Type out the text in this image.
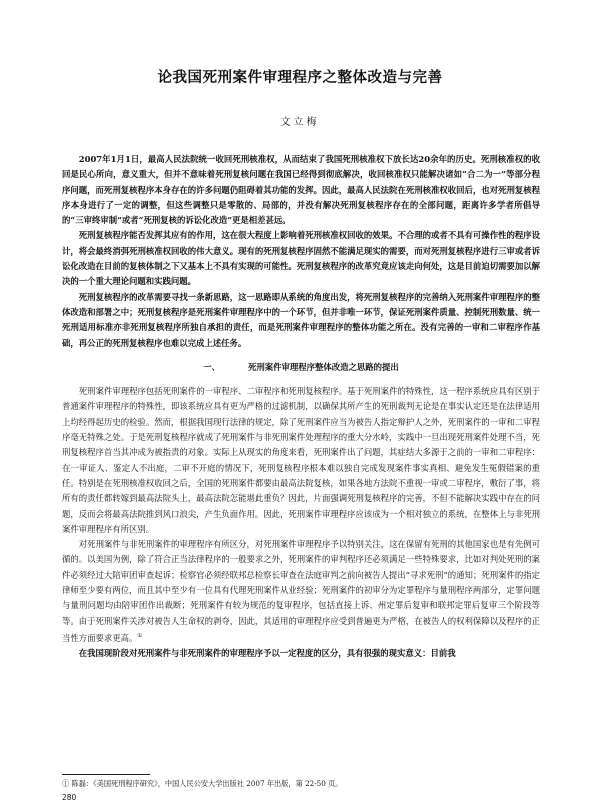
论我国死刑案件审理程序之整体改造与完善
文立梅

2007年1月1日，最高人民法院统一收回死刑核准权，从而结束了我国死刑核准权下放长达20余年的历史。死刑核准权的收回是民心所向，意义重大，但并不意味着死刑复核问题在我国已经得到彻底解决，收回核准权只能解决诸如“合二为一”等部分程序问题，而死刑复核程序本身存在的许多问题仍阻碍着其功能的发挥。因此，最高人民法院在死刑核准权收回后，也对死刑复核程序本身进行了一定的调整，但这些调整只是零散的、局部的，并没有解决死刑复核程序存在的全部问题，距离许多学者所倡导的“三审终审制”或者“死刑复核的诉讼化改造”更是相差甚远。

死刑复核程序能否发挥其应有的作用，这在很大程度上影响着死刑核准权回收的效果。不合理的或者不具有可操作性的程序设计，将会最终消弭死刑核准权回收的伟大意义。现有的死刑复核程序固然不能满足现实的需要，而对死刑复核程序进行三审或者诉讼化改造在目前的复核体制之下又基本上不具有实现的可能性。死刑复核程序的改革究竟应该走向何处，这是目前迫切需要加以解决的一个重大理论问题和实践问题。

死刑复核程序的改革需要寻找一条新思路，这一思路即从系统的角度出发，将死刑复核程序的完善纳入死刑案件审理程序的整体改造和部署之中；死刑复核程序是死刑案件审理程序中的一个环节，但并非唯一环节，保证死刑案件质量、控制死刑数量、统一死刑适用标准亦非死刑复核程序所独自承担的责任，而是死刑案件审理程序的整体功能之所在。没有完善的一审和二审程序作基础，再公正的死刑复核程序也难以完成上述任务。

一、	死刑案件审理程序整体改造之思路的提出

死刑案件审理程序包括死刑案件的一审程序、二审程序和死刑复核程序。基于死刑案件的特殊性，这一程序系统应具有区别于普通案件审理程序的特殊性，即该系统应具有更为严格的过滤机制，以确保其所产生的死刑裁判无论是在事实认定还是在法律适用上均经得起历史的检验。然而，根据我国现行法律的规定，除了死刑案件应当为被告人指定辩护人之外，死刑案件的一审和二审程序毫无特殊之处。于是死刑复核程序就成了死刑案件与非死刑案件处理程序的重大分水岭，实践中一旦出现死刑案件处理不当，死刑复核程序首当其冲成为被指责的对象。实际上从现实的角度来看，死刑案件出了问题，其症结大多源于之前的一审和二审程序：在一审证人、鉴定人不出庭，二审不开庭的情况下，死刑复核程序根本难以独自完成发现案件事实真相、避免发生冤假错案的重任。特别是在死刑核准权收回之后，全国的死刑案件都要由最高法院复核，如果各地方法院不重视一审或二审程序，敷衍了事，将所有的责任都转嫁到最高法院头上，最高法院怎能堪此重负？因此，片面强调死刑复核程序的完善，不但不能解决实践中存在的问题，反而会将最高法院推到风口浪尖，产生负面作用。因此，死刑案件审理程序应该成为一个相对独立的系统，在整体上与非死刑案件审理程序有所区别。

对死刑案件与非死刑案件的审理程序有所区分，对死刑案件审理程序予以特别关注，这在保留有死刑的其他国家也是有先例可循的。以美国为例，除了符合正当法律程序的一般要求之外，死刑案件的审判程序还必须满足一些特殊要求，比如对判处死刑的案件必须经过大陪审团审查起诉；检察官必须经联邦总检察长审查在法庭审判之前向被告人提出“寻求死刑”的通知；死刑案件的指定律师至少要有两位，而且其中至少有一位具有代理死刑案件从业经验；死刑案件的初审分为定罪程序与量刑程序两部分，定罪问题与量刑问题均由陪审团作出裁断；死刑案件有较为规范的复审程序，包括直接上诉、州定罪后复审和联邦定罪后复审三个阶段等等。由于死刑案件关涉对被告人生命权的剥夺，因此，其适用的审理程序应受到普遍更为严格，在被告人的权利保障以及程序的正当性方面要求更高。①

在我国现阶段对死刑案件与非死刑案件的审理程序予以一定程度的区分，具有很强的现实意义：目前我

① 陈磊：《美国死刑程序研究》，中国人民公安大学出版社 2007 年出版，第 22-50 页。
280
